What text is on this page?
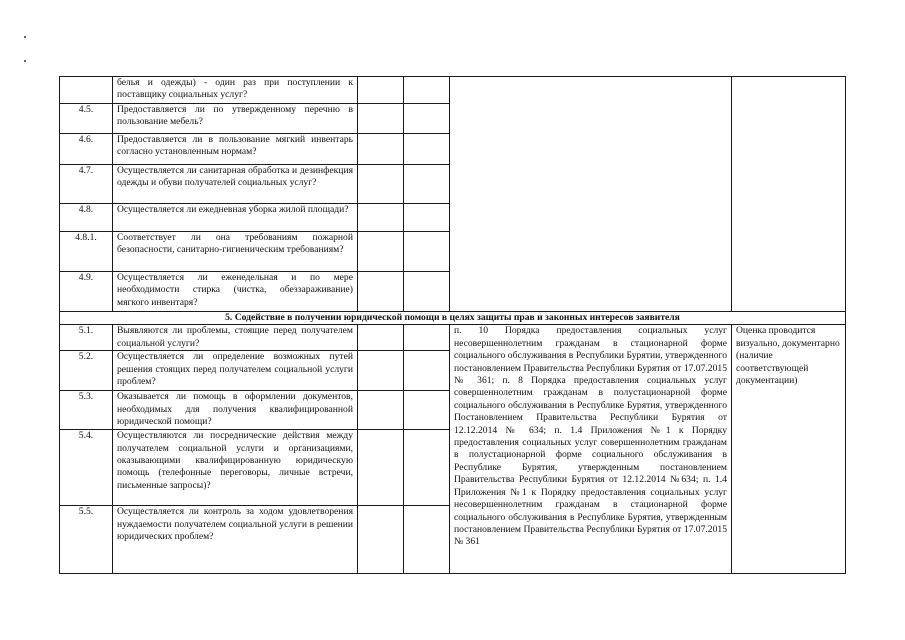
	белья и одежды) - один раз при поступлении к поставщику социальных услуг?				
4.5.	Предоставляется ли по утвержденному перечню в пользование мебель?				
4.6.	Предоставляется ли в пользование мягкий инвентарь согласно установленным нормам?				
4.7.	Осуществляется ли санитарная обработка и дезинфекция одежды и обуви получателей социальных услуг?				
4.8.	Осуществляется ли ежедневная уборка жилой площади?				
4.8.1.	Соответствует ли она требованиям пожарной безопасности, санитарно-гигиеническим требованиям?				
4.9.	Осуществляется ли еженедельная и по мере необходимости стирка (чистка, обеззараживание) мягкого инвентаря?				
5. Содействие в получении юридической помощи в целях защиты прав и законных интересов заявителя					
5.1.	Выявляются ли проблемы, стоящие перед получателем социальной услуги?			п. 10 Порядка предоставления социальных услуг несовершеннолетним гражданам в стационарной форме социального обслуживания в Республики Бурятии, утвержденного постановлением Правительства Республики Бурятия от 17.07.2015 № 361; п. 8 Порядка предоставления социальных услуг совершеннолетним гражданам в полустационарной форме социального обслуживания в Республике Бурятия, утвержденного Постановлением Правительства Республики Бурятия от 12.12.2014 № 634; п. 1.4 Приложения №1 к Порядку предоставления социальных услуг совершеннолетним гражданам в полустационарной форме социального обслуживания в Республике Бурятия, утвержденным постановлением Правительства Республики Бурятия от 12.12.2014 №634; п. 1.4 Приложения №1 к Порядку предоставления социальных услуг несовершеннолетним гражданам в стационарной форме социального обслуживания в Республике Бурятия, утвержденным постановлением Правительства Республики Бурятия от 17.07.2015 № 361	Оценка проводится визуально, документарно (наличие соответствующей документации)
5.2.	Осуществляется ли определение возможных путей решения стоящих перед получателем социальной услуги проблем?				
5.3.	Оказывается ли помощь в оформлении документов, необходимых для получения квалифицированной юридической помощи?				
5.4.	Осуществляются ли посреднические действия между получателем социальной услуги и организациями, оказывающими квалифицированную юридическую помощь (телефонные переговоры, личные встречи, письменные запросы)?				
5.5.	Осуществляется ли контроль за ходом удовлетворения нуждаемости получателем социальной услуги в решении юридических проблем?				
